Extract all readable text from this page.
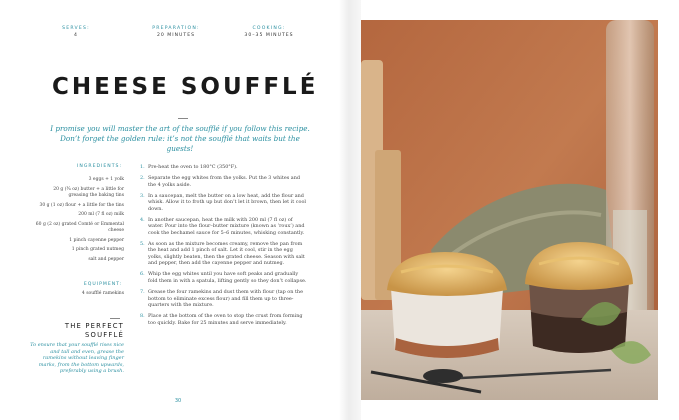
SERVES:
4
PREPARATION:
20 MINUTES
COOKING:
30–35 MINUTES
CHEESE SOUFFLÉ
I promise you will master the art of the soufflé if you follow this recipe.
Don’t forget the golden rule: it’s not the soufflé that waits but the guests!
INGREDIENTS:
3 eggs + 1 yolk
20 g (¾ oz) butter + a little for greasing the baking tins
30 g (1 oz) flour + a little for the tins
200 ml (7 fl oz) milk
60 g (2 oz) grated Comté or Emmental cheese
1 pinch cayenne pepper
1 pinch grated nutmeg
salt and pepper
EQUIPMENT:
4 soufflé ramekins
THE PERFECT
SOUFFLÉ
To ensure that your soufflé rises nice and tall and even, grease the ramekins without leaving finger marks, from the bottom upwards, preferably using a brush.
1. Pre-heat the oven to 180°C (350°F).
2. Separate the egg whites from the yolks. Put the 3 whites and the 4 yolks aside.
3. In a saucepan, melt the butter on a low heat, add the flour and whisk. Allow it to froth up but don’t let it brown, then let it cool down.
4. In another saucepan, heat the milk with 200 ml (7 fl oz) of water. Pour into the flour–butter mixture (known as ‘roux’) and cook the bechamel sauce for 5–6 minutes, whisking constantly.
5. As soon as the mixture becomes creamy, remove the pan from the heat and add 1 pinch of salt. Let it cool, stir in the egg yolks, slightly beaten, then the grated cheese. Season with salt and pepper, then add the cayenne pepper and nutmeg.
6. Whip the egg whites until you have soft peaks and gradually fold them in with a spatula, lifting gently so they don’t collapse.
7. Grease the four ramekins and dust them with flour (tap on the bottom to eliminate excess flour) and fill them up to three-quarters with the mixture.
8. Place at the bottom of the oven to stop the crust from forming too quickly. Bake for 25 minutes and serve immediately.
30
